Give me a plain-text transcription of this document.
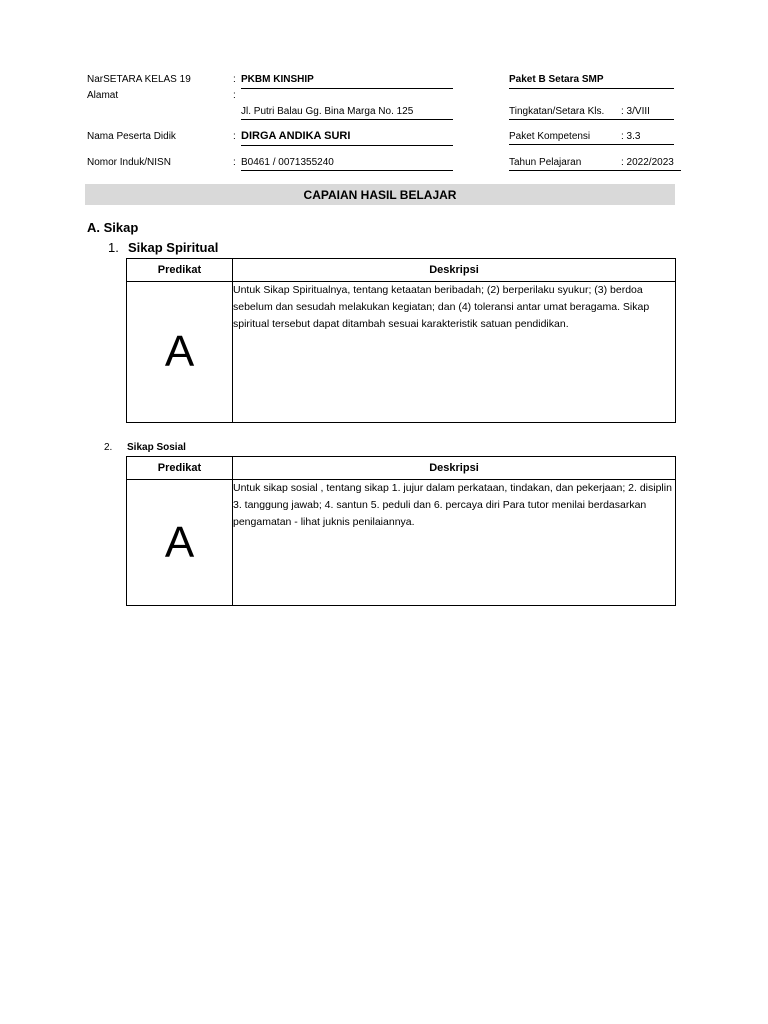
NarSETARA KELAS 19	: PKBM KINSHIP
Alamat	:
Jl. Putri Balau Gg. Bina Marga No. 125
Nama Peserta Didik	: DIRGA ANDIKA SURI
Nomor Induk/NISN	: B0461 / 0071355240
Paket B Setara SMP
Tingkatan/Setara Kls.	: 3/VIII
Paket Kompetensi	: 3.3
Tahun Pelajaran	: 2022/2023
CAPAIAN HASIL BELAJAR
A. Sikap
1. Sikap Spiritual
Predikat	Deskripsi
A	Untuk Sikap Spiritualnya, tentang ketaatan beribadah; (2) berperilaku syukur; (3) berdoa sebelum dan sesudah melakukan kegiatan; dan (4) toleransi antar umat beragama. Sikap spiritual tersebut dapat ditambah sesuai karakteristik satuan pendidikan.
2. Sikap Sosial
Predikat	Deskripsi
A	Untuk sikap sosial , tentang sikap 1. jujur dalam perkataan, tindakan, dan pekerjaan; 2. disiplin 3. tanggung jawab; 4. santun 5. peduli dan 6. percaya diri Para tutor menilai berdasarkan pengamatan - lihat juknis penilaiannya.
